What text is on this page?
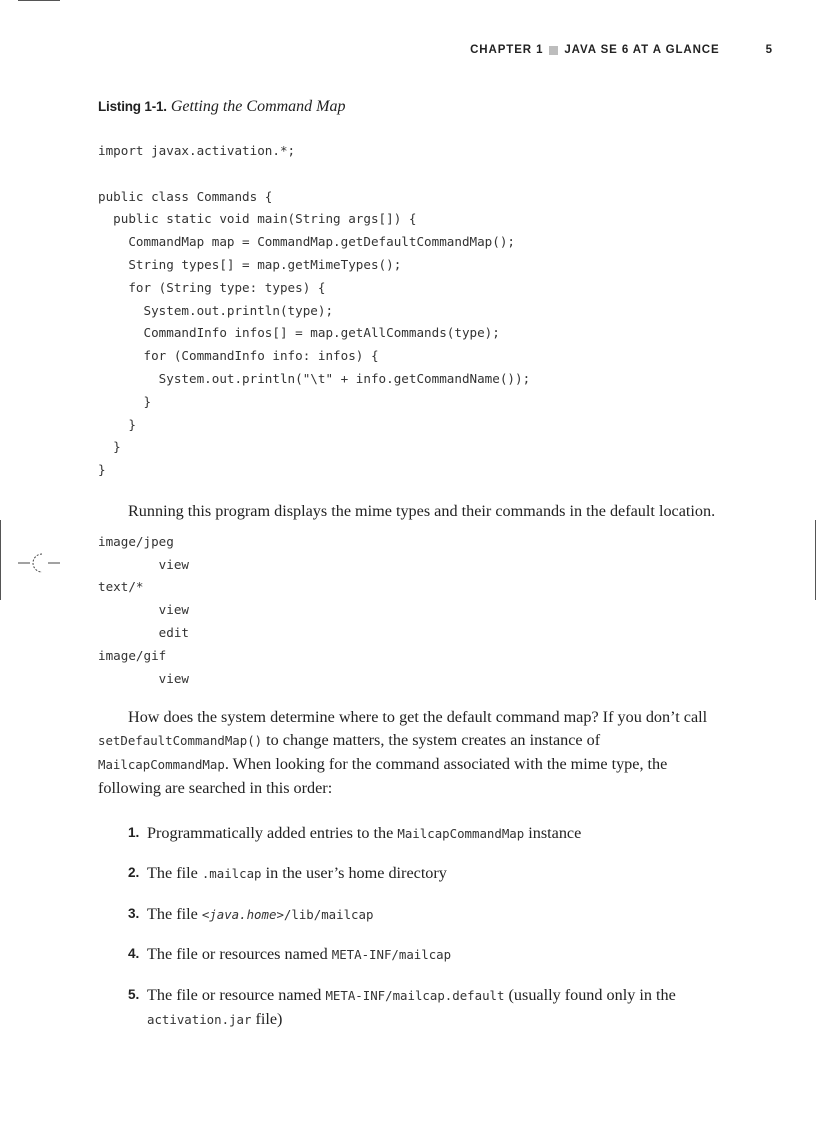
CHAPTER 1 JAVA SE 6 AT A GLANCE	5

Listing 1-1. Getting the Command Map

import javax.activation.*;

public class Commands {
public static void main(String args[]) {
CommandMap map = CommandMap.getDefaultCommandMap();
String types[] = map.getMimeTypes();
for (String type: types) {
System.out.println(type);
CommandInfo infos[] = map.getAllCommands(type);
for (CommandInfo info: infos) {
System.out.println("\t" + info.getCommandName());
}
}
}
}

Running this program displays the mime types and their commands in the default location.

image/jpeg
view
text/*
view
edit
image/gif
view

How does the system determine where to get the default command map? If you don’t call setDefaultCommandMap() to change matters, the system creates an instance of MailcapCommandMap. When looking for the command associated with the mime type, the following are searched in this order:

1. Programmatically added entries to the MailcapCommandMap instance
2. The file .mailcap in the user’s home directory
3. The file <java.home>/lib/mailcap
4. The file or resources named META-INF/mailcap
5. The file or resource named META-INF/mailcap.default (usually found only in the activation.jar file)
